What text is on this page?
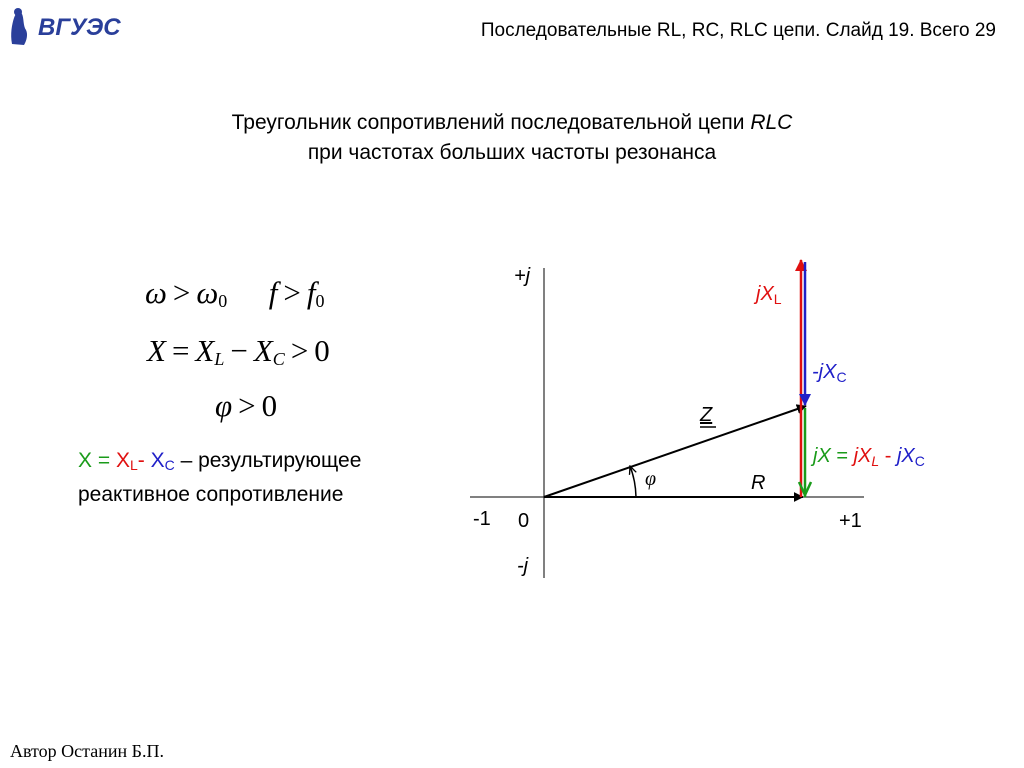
ВГУЭС	Последовательные RL, RC, RLC цепи. Слайд 19. Всего 29
Треугольник сопротивлений последовательной цепи RLC
при частотах больших частоты резонанса
$\omega > \omega_0$ $f > f_0$
$X = X_L - X_C > 0$
φ > 0
$X = X_L-$ $X_C$ – результирующее
реактивное сопротивление
+j
-j
-1 0	+1
R
Z
φ
$jX_L$
$-jX_C$
jX = $jX_L - jX_C$
Автор Останин Б.П.
